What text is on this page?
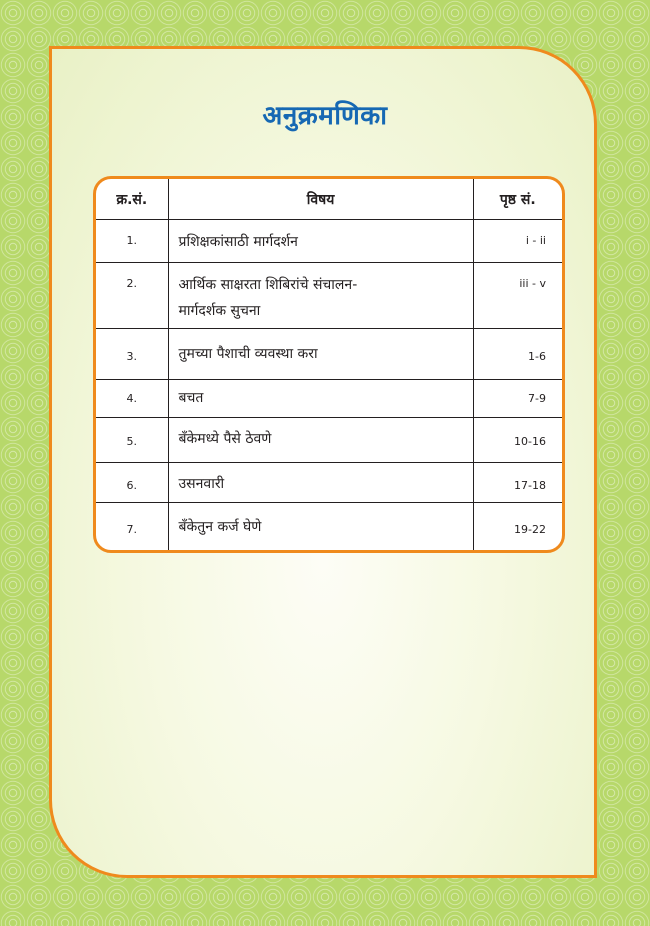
अनुक्रमणिका
क्र.सं.	विषय	पृष्ठ सं.
1.	प्रशिक्षकांसाठी मार्गदर्शन	i - ii
2.	आर्थिक साक्षरता शिबिरांचे संचालन-
मार्गदर्शक सुचना	iii - v
3.	तुमच्या पैशाची व्यवस्था करा	1-6
4.	बचत	7-9
5.	बँकेमध्ये पैसे ठेवणे	10-16
6.	उसनवारी	17-18
7.	बँकेतुन कर्ज घेणे	19-22
